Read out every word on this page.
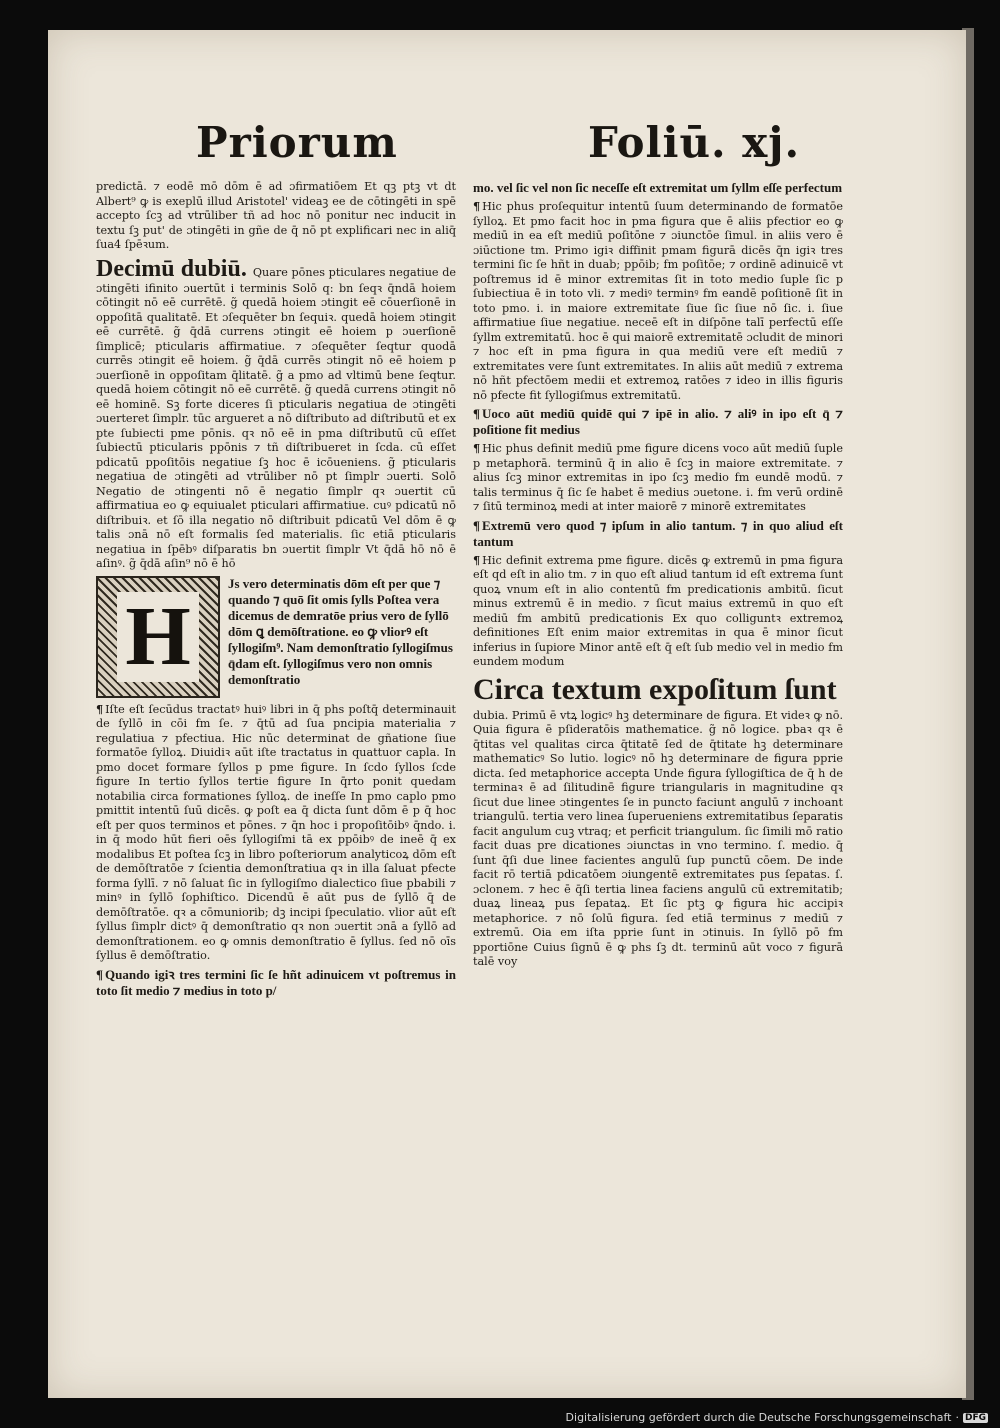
Priorum	Foliū. xj.

predictā. ⁊ eodē mō dōm ē ad ɔfirmatiōem Et qꝫ ptꝫ vt dt Albert⁹ ꝙ is exeplū illud Aristotel' videaꝫ ee de cōtingēti in spē accepto ſcꝫ ad vtrūliber tñ ad hoc nō ponitur nec inducit in textu ſꝫ put' de ɔtingēti in gñe de q̄ nō pt explificari nec in aliq̄ ſua4 ſpēꝛum.

Decimū dubiū. Quare pōnes pticulares negatiue de ɔtingēti ifinito ɔuertūt i terminis Solō q: bn ſeqꝛ q̄ndā hoiem cōtingit nō eē currētē. g̃ quedā hoiem ɔtingit eē cōuerſionē in oppoſitā qualitatē. Et ɔſequēter bn ſequiꝛ. quedā hoiem ɔtingit eē currētē. g̃ q̄dā currens ɔtingit eē hoiem p ɔuerſionē ſimplicē; pticularis affirmatiue. ⁊ ɔſequēter ſeqtur quodā currēs ɔtingit eē hoiem. g̃ q̄dā currēs ɔtingit nō eē hoiem p ɔuerſionē in oppoſitam q̄litatē. g̃ a pmo ad vltimū bene ſeqtur. quedā hoiem cōtingit nō eē currētē. g̃ quedā currens ɔtingit nō eē hominē. Sꝫ forte diceres ſi pticularis negatiua de ɔtingēti ɔuerteret ſimplr. tūc argueret a nō diſtributo ad diſtributū et ex pte ſubiecti pme pōnis. qꝛ nō eē in pma diſtributū cū eſſet ſubiectū pticularis ppōnis ⁊ tñ diſtribueret in ſcda. cū eſſet pdicatū ppoſitōis negatiue ſꝫ hoc ē icōueniens. g̃ pticularis negatiua de ɔtingēti ad vtrūliber nō pt ſimplr ɔuerti. Solō Negatio de ɔtingenti nō ē negatio ſimplr qꝛ ɔuertit cū affirmatiua eo ꝙ equiualet pticulari affirmatiue. cuꝰ pdicatū nō diſtribuiꝛ. et ſō illa negatio nō diſtribuit pdicatū Vel dōm ē ꝙ talis ɔnā nō eſt formalis ſed materialis. ſic etiā pticularis negatiua in ſpēbꝰ diſparatis bn ɔuertit ſimplr Vt q̄dā hō nō ē aſinꝰ. g̃ q̄dā aſin⁹ nō ē hō

H
Js vero determinatis dōm eſt per que ⁊ quando ⁊ quō ſit omis ſylls Poſtea vera dicemus de demratōe prius vero de ſyllō dōm ꝗ demōſtratione. eo ꝙ vliorꝰ eſt ſyllogiſm⁹. Nam demonſtratio ſyllogiſmus q̄dam eſt. ſyllogiſmus vero non omnis demonſtratio

¶ Iſte eſt ſecūdus tractatꝰ huiꝰ libri in q̄ phs poſtq̄ determinauit de ſyllō in cōi fm ſe. ⁊ q̄tū ad ſua pncipia materialia ⁊ regulatiua ⁊ pfectiua. Hic nūc determinat de gñatione ſiue formatōe ſylloꝝ. Diuidiꝛ aūt iſte tractatus in quattuor capla. In pmo docet formare ſyllos p pme figure. In ſcdo ſyllos ſcde figure In tertio ſyllos tertie figure In q̄rto ponit quedam notabilia circa formationes ſylloꝝ. de ineſſe In pmo caplo pmo pmittit intentū ſuū dicēs. ꝙ poſt ea q̄ dicta ſunt dōm ē p q̄ hoc eſt per quos terminos et pōnes. ⁊ q̄n hoc i propoſitōibꝰ q̄ndo. i. in q̄ modo hūt fieri oēs ſyllogiſmi tā ex ppōibꝰ de ineē q̄ ex modalibus Et poſtea ſcꝫ in libro poſteriorum analyticoꝝ dōm eſt de demōſtratōe ⁊ ſcientia demonſtratiua qꝛ in illa ſaluat pfecte forma ſyllī. ⁊ nō ſaluat ſic in ſyllogiſmo dialectico ſiue pbabili ⁊ minꝰ in ſyllō ſophiſtico. Dicendū ē aūt pus de ſyllō q̄ de demōſtratōe. qꝛ a cōmuniorib; dꝫ incipi ſpeculatio. vlior aūt eſt ſyllus ſimplr dictꝰ q̄ demonſtratio qꝛ non ɔuertit ɔnā a ſyllō ad demonſtrationem. eo ꝙ omnis demonſtratio ē ſyllus. ſed nō oīs ſyllus ē demōſtratio.

¶ Quando igiꝛ tres termini ſic ſe hñt adinuicem vt poſtremus in toto ſit medio ⁊ medius in toto p/

mo. vel ſic vel non ſic neceſſe eſt extremitat um ſyllm eſſe perfectum

¶ Hic phus proſequitur intentū ſuum determinando de formatōe ſylloꝝ. Et pmo facit hoc in pma figura que ē aliis pfectior eo ꝙ mediū in ea eſt mediū poſitōne ⁊ ɔiunctōe ſimul. in aliis vero ē ɔiūctione tm. Primo igiꝛ diffinit pmam figurā dicēs q̄n igiꝛ tres termini ſic ſe hñt in duab; ppōib; fm poſitōe; ⁊ ordinē adinuicē vt poſtremus id ē minor extremitas ſit in toto medio ſuple ſic p ſubiectiua ē in toto vli. ⁊ mediꝰ terminꝰ fm eandē poſitionē ſit in toto pmo. i. in maiore extremitate ſiue ſic ſiue nō ſic. i. ſiue affirmatiue ſiue negatiue. neceē eſt in diſpōne talī perfectū eſſe ſyllm extremitatū. hoc ē qui maiorē extremitatē ɔcludit de minori ⁊ hoc eſt in pma figura in qua mediū vere eſt mediū ⁊ extremitates vere ſunt extremitates. In aliis aūt mediū ⁊ extrema nō hñt pfectōem medii et extremoꝝ ratōes ⁊ ideo in illis figuris nō pfecte fit ſyllogiſmus extremitatū.

¶ Uoco aūt mediū quidē qui ⁊ ipē in alio. ⁊ aliꝰ in ipo eſt q̄ ⁊ poſitione fit medius

¶ Hic phus definit mediū pme figure dicens voco aūt mediū ſuple p metaphorā. terminū q̄ in alio ē ſcꝫ in maiore extremitate. ⁊ alius ſcꝫ minor extremitas in ipo ſcꝫ medio fm eundē modū. ⁊ talis terminus q̄ ſic ſe habet ē medius ɔuetone. i. fm verū ordinē ⁊ ſitū terminoꝝ medi at inter maiorē ⁊ minorē extremitates

¶ Extremū vero quod ⁊ ipſum in alio tantum. ⁊ in quo aliud eſt tantum

¶ Hic definit extrema pme figure. dicēs ꝙ extremū in pma figura eſt qd eſt in alio tm. ⁊ in quo eſt aliud tantum id eſt extrema ſunt quoꝝ vnum eſt in alio contentū fm predicationis ambitū. ſicut minus extremū ē in medio. ⁊ ſicut maius extremū in quo eſt mediū fm ambitū predicationis Ex quo colliguntꝛ extremoꝝ definitiones Eſt enim maior extremitas in qua ē minor ſicut inferius in ſupiore Minor antē eſt q̄ eſt ſub medio vel in medio fm eundem modum

Circa textum expoſitum ſunt

dubia. Primū ē vtꝝ logicꝰ hꝫ determinare de figura. Et videꝛ ꝙ nō. Quia figura ē pſideratōis mathematice. g̃ nō logice. pbaꝛ qꝛ ē q̄titas vel qualitas circa q̄titatē ſed de q̄titate hꝫ determinare mathematicꝰ So lutio. logicꝰ nō hꝫ determinare de figura pprie dicta. ſed metaphorice accepta Unde figura ſyllogiſtica de q̄ h de terminaꝛ ē ad ſilitudinē figure triangularis in magnitudine qꝛ ſicut due linee ɔtingentes ſe in puncto faciunt angulū ⁊ inchoant triangulū. tertia vero linea ſuperueniens extremitatibus ſeparatis facit angulum cuꝫ vtraq; et perficit triangulum. ſic ſimili mō ratio facit duas pre dicationes ɔiunctas in vno termino. ſ. medio. q̄ ſunt q̄ſi due linee facientes angulū ſup punctū cōem. De inde facit rō tertiā pdicatōem ɔiungentē extremitates pus ſepatas. ſ. ɔclonem. ⁊ hec ē q̄ſi tertia linea faciens angulū cū extremitatib; duaꝝ lineaꝝ pus ſepataꝝ. Et ſic ptꝫ ꝙ figura hic accipiꝛ metaphorice. ⁊ nō ſolū figura. ſed etiā terminus ⁊ mediū ⁊ extremū. Oia em iſta pprie ſunt in ɔtinuis. In ſyllō pō fm pportiōne Cuius ſignū ē ꝙ phs ſꝫ dt. terminū aūt voco ⁊ figurā talē voy

Digitalisierung gefördert durch die Deutsche Forschungsgemeinschaft · DFG
